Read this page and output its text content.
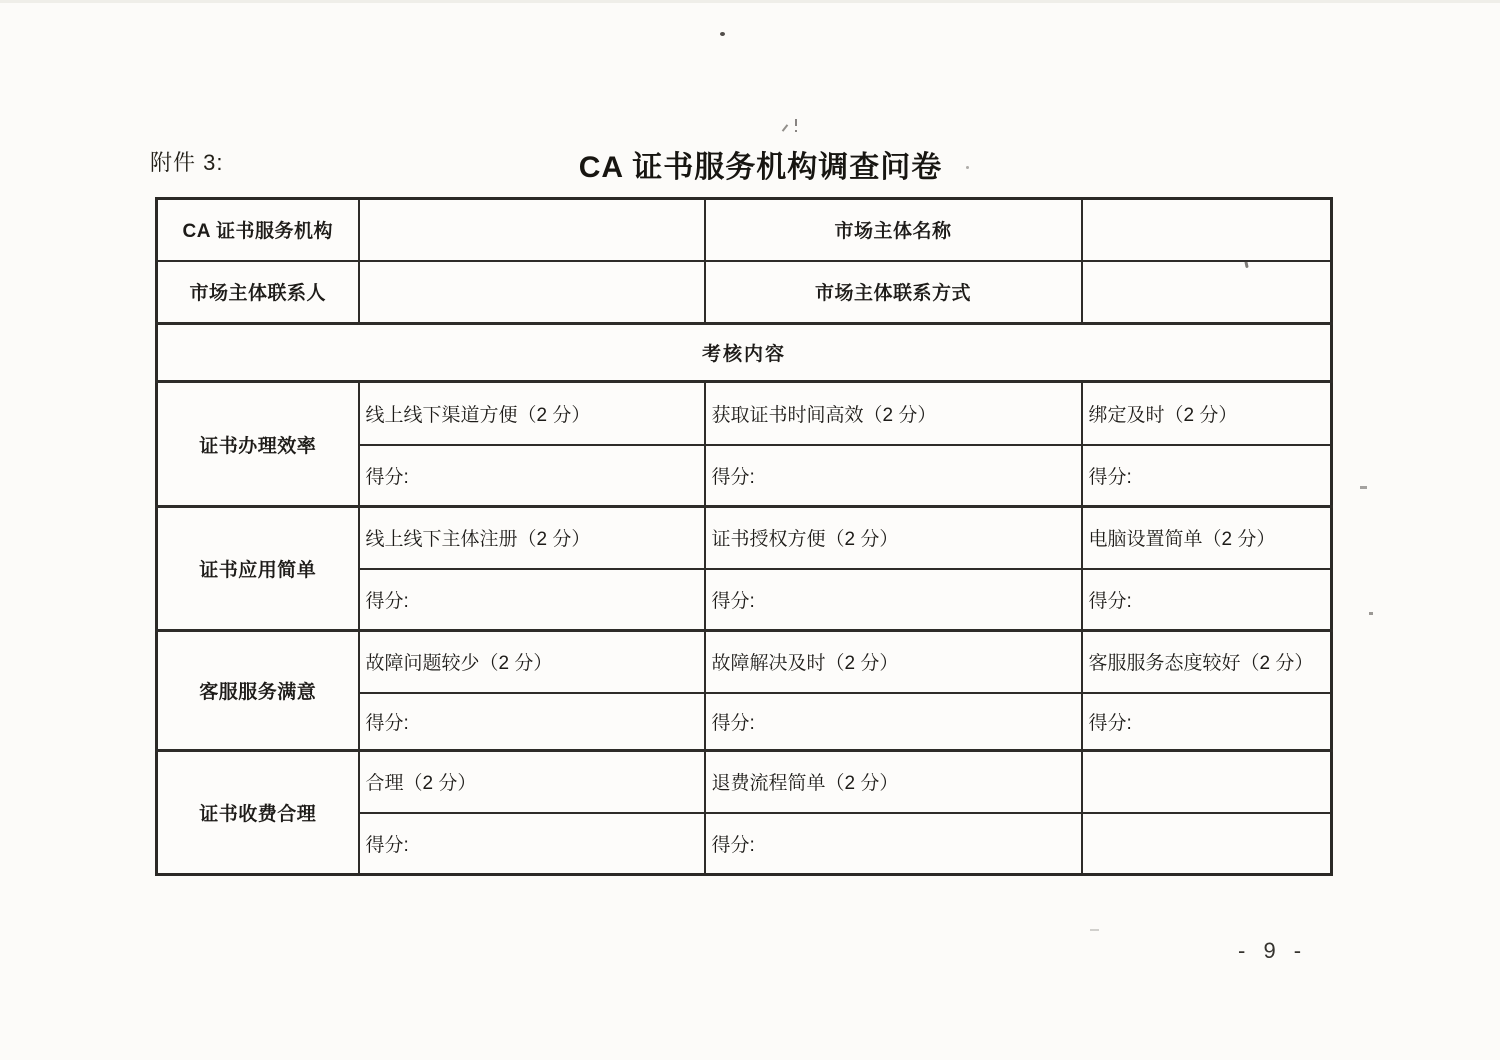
附件 3:	CA 证书服务机构调查问卷
CA 证书服务机构		市场主体名称	
市场主体联系人		市场主体联系方式	
考核内容			
证书办理效率	线上线下渠道方便（2 分）	获取证书时间高效（2 分）	绑定及时（2 分）
	得分:	得分:	得分:
证书应用简单	线上线下主体注册（2 分）	证书授权方便（2 分）	电脑设置简单（2 分）
	得分:	得分:	得分:
客服服务满意	故障问题较少（2 分）	故障解决及时（2 分）	客服服务态度较好（2 分）
	得分:	得分:	得分:
证书收费合理	合理（2 分）	退费流程简单（2 分）	
	得分:	得分:	
- 9 -
